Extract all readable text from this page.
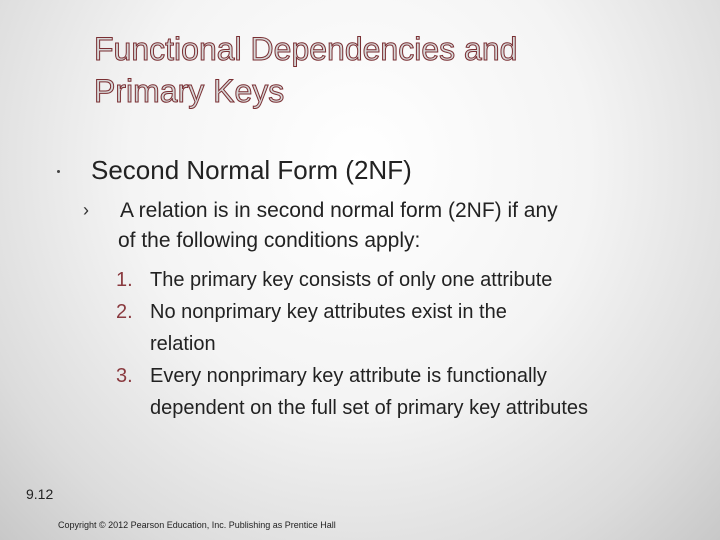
Functional Dependencies and
Primary Keys
Second Normal Form (2NF)
› A relation is in second normal form (2NF) if any
of the following conditions apply:
1. The primary key consists of only one attribute
2. No nonprimary key attributes exist in the
relation
3. Every nonprimary key attribute is functionally
dependent on the full set of primary key attributes
9.12
Copyright © 2012 Pearson Education, Inc. Publishing as Prentice Hall
